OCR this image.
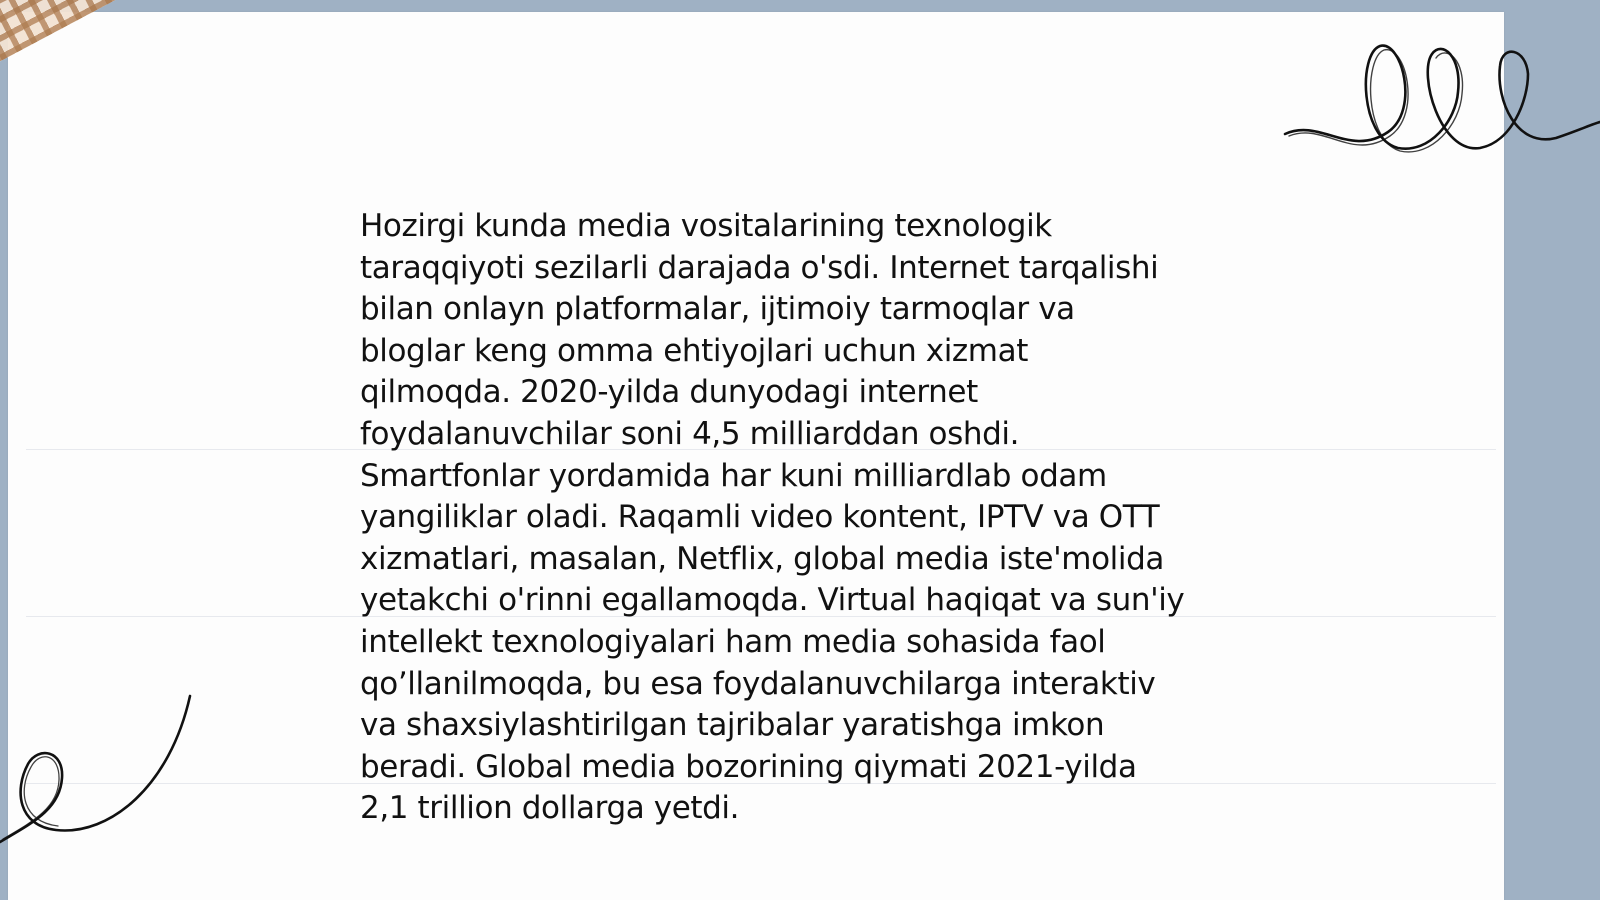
Hozirgi kunda media vositalarining texnologik
taraqqiyoti sezilarli darajada o'sdi. Internet tarqalishi
bilan onlayn platformalar, ijtimoiy tarmoqlar va
bloglar keng omma ehtiyojlari uchun xizmat
qilmoqda. 2020-yilda dunyodagi internet
foydalanuvchilar soni 4,5 milliarddan oshdi.
Smartfonlar yordamida har kuni milliardlab odam
yangiliklar oladi. Raqamli video kontent, IPTV va OTT
xizmatlari, masalan, Netflix, global media iste'molida
yetakchi o'rinni egallamoqda. Virtual haqiqat va sun'iy
intellekt texnologiyalari ham media sohasida faol
qo’llanilmoqda, bu esa foydalanuvchilarga interaktiv
va shaxsiylashtirilgan tajribalar yaratishga imkon
beradi. Global media bozorining qiymati 2021-yilda
2,1 trillion dollarga yetdi.
